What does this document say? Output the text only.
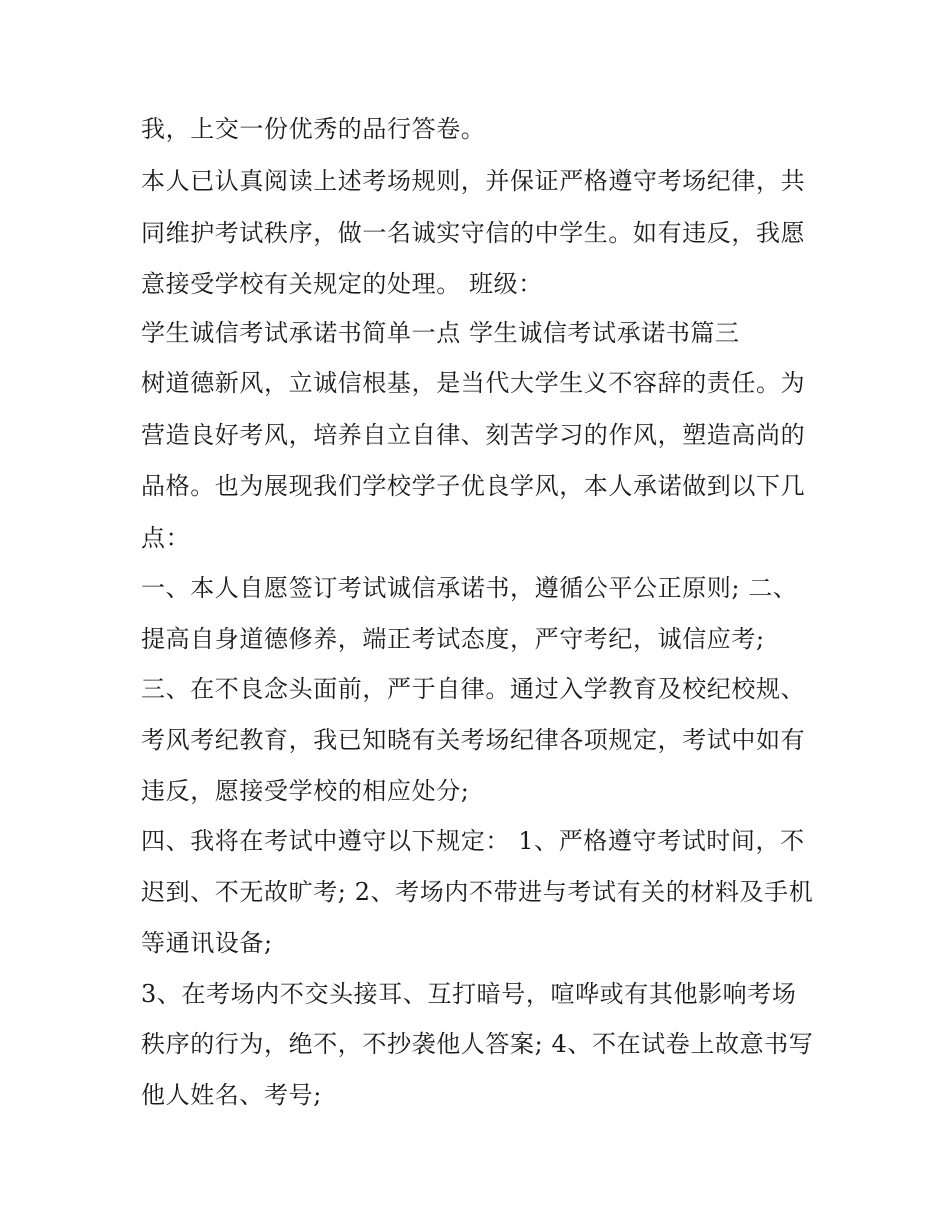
我，上交一份优秀的品行答卷。
本人已认真阅读上述考场规则，并保证严格遵守考场纪律，共
同维护考试秩序，做一名诚实守信的中学生。如有违反，我愿
意接受学校有关规定的处理。 班级：
学生诚信考试承诺书简单一点 学生诚信考试承诺书篇三
树道德新风，立诚信根基，是当代大学生义不容辞的责任。为
营造良好考风，培养自立自律、刻苦学习的作风，塑造高尚的
品格。也为展现我们学校学子优良学风，本人承诺做到以下几
点：
一、本人自愿签订考试诚信承诺书，遵循公平公正原则; 二、
提高自身道德修养，端正考试态度，严守考纪，诚信应考;
三、在不良念头面前，严于自律。通过入学教育及校纪校规、
考风考纪教育，我已知晓有关考场纪律各项规定，考试中如有
违反，愿接受学校的相应处分;
四、我将在考试中遵守以下规定： 1、严格遵守考试时间，不
迟到、不无故旷考; 2、考场内不带进与考试有关的材料及手机
等通讯设备;
3、在考场内不交头接耳、互打暗号，喧哗或有其他影响考场
秩序的行为，绝不，不抄袭他人答案; 4、不在试卷上故意书写
他人姓名、考号;
